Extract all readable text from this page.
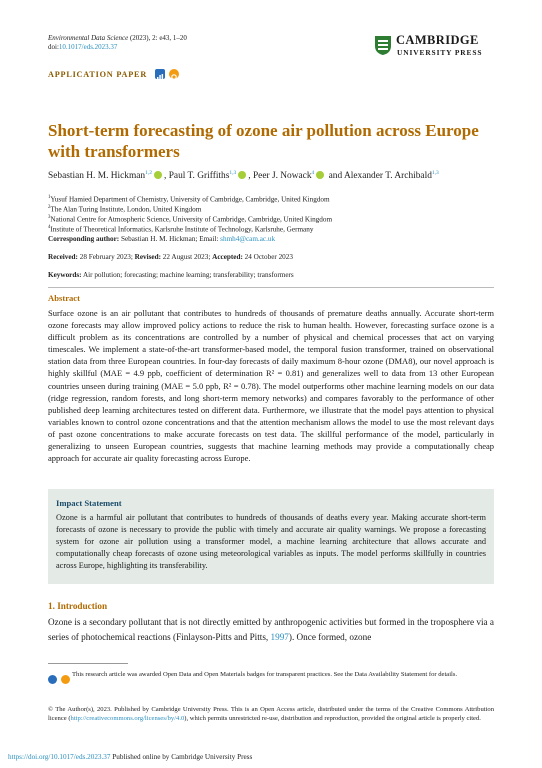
Environmental Data Science (2023), 2: e43, 1–20
doi:10.1017/eds.2023.37	CAMBRIDGE
UNIVERSITY PRESS
APPLICATION PAPER
Short-term forecasting of ozone air pollution across Europe with transformers
Sebastian H. M. Hickman$^{1,2}$ , Paul T. Griffiths$^{1,3}$ , Peer J. Nowack$^4$ and Alexander T. Archibald$^{1,3}$
$^1$Yusuf Hamied Department of Chemistry, University of Cambridge, Cambridge, United Kingdom
$^2$The Alan Turing Institute, London, United Kingdom
$^3$National Centre for Atmospheric Science, University of Cambridge, Cambridge, United Kingdom
$^4$Institute of Theoretical Informatics, Karlsruhe Institute of Technology, Karlsruhe, Germany
Corresponding author: Sebastian H. M. Hickman; Email: shmh4@cam.ac.uk
Received: 28 February 2023; Revised: 22 August 2023; Accepted: 24 October 2023
Keywords: Air pollution; forecasting; machine learning; transferability; transformers
Abstract
Surface ozone is an air pollutant that contributes to hundreds of thousands of premature deaths annually. Accurate short-term ozone forecasts may allow improved policy actions to reduce the risk to human health. However, forecasting surface ozone is a difficult problem as its concentrations are controlled by a number of physical and chemical processes that act on varying timescales. We implement a state-of-the-art transformer-based model, the temporal fusion transformer, trained on observational station data from three European countries. In four-day forecasts of daily maximum 8-hour ozone (DMA8), our novel approach is highly skillful (MAE = 4.9 ppb, coefficient of determination R² = 0.81) and generalizes well to data from 13 other European countries unseen during training (MAE = 5.0 ppb, R² = 0.78). The model outperforms other machine learning models on our data (ridge regression, random forests, and long short-term memory networks) and compares favorably to the performance of other published deep learning architectures tested on different data. Furthermore, we illustrate that the model pays attention to physical variables known to control ozone concentrations and that the attention mechanism allows the model to use the most relevant days of past ozone concentrations to make accurate forecasts on test data. The skillful performance of the model, particularly in generalizing to unseen European countries, suggests that machine learning methods may provide a computationally cheap approach for accurate air quality forecasting across Europe.
Impact Statement
Ozone is a harmful air pollutant that contributes to hundreds of thousands of deaths every year. Making accurate short-term forecasts of ozone is necessary to provide the public with timely and accurate air quality warnings. We propose a forecasting system for ozone air pollution using a transformer model, a machine learning architecture that allows accurate and computationally cheap forecasts of ozone using meteorological variables as inputs. The model performs skillfully in countries across Europe, highlighting its transferability.
1. Introduction
Ozone is a secondary pollutant that is not directly emitted by anthropogenic activities but formed in the troposphere via a series of photochemical reactions (Finlayson-Pitts and Pitts, 1997). Once formed, ozone

This research article was awarded Open Data and Open Materials badges for transparent practices. See the Data Availability Statement for details.
© The Author(s), 2023. Published by Cambridge University Press. This is an Open Access article, distributed under the terms of the Creative Commons Attribution licence (http://creativecommons.org/licenses/by/4.0), which permits unrestricted re-use, distribution and reproduction, provided the original article is properly cited.
https://doi.org/10.1017/eds.2023.37 Published online by Cambridge University Press
